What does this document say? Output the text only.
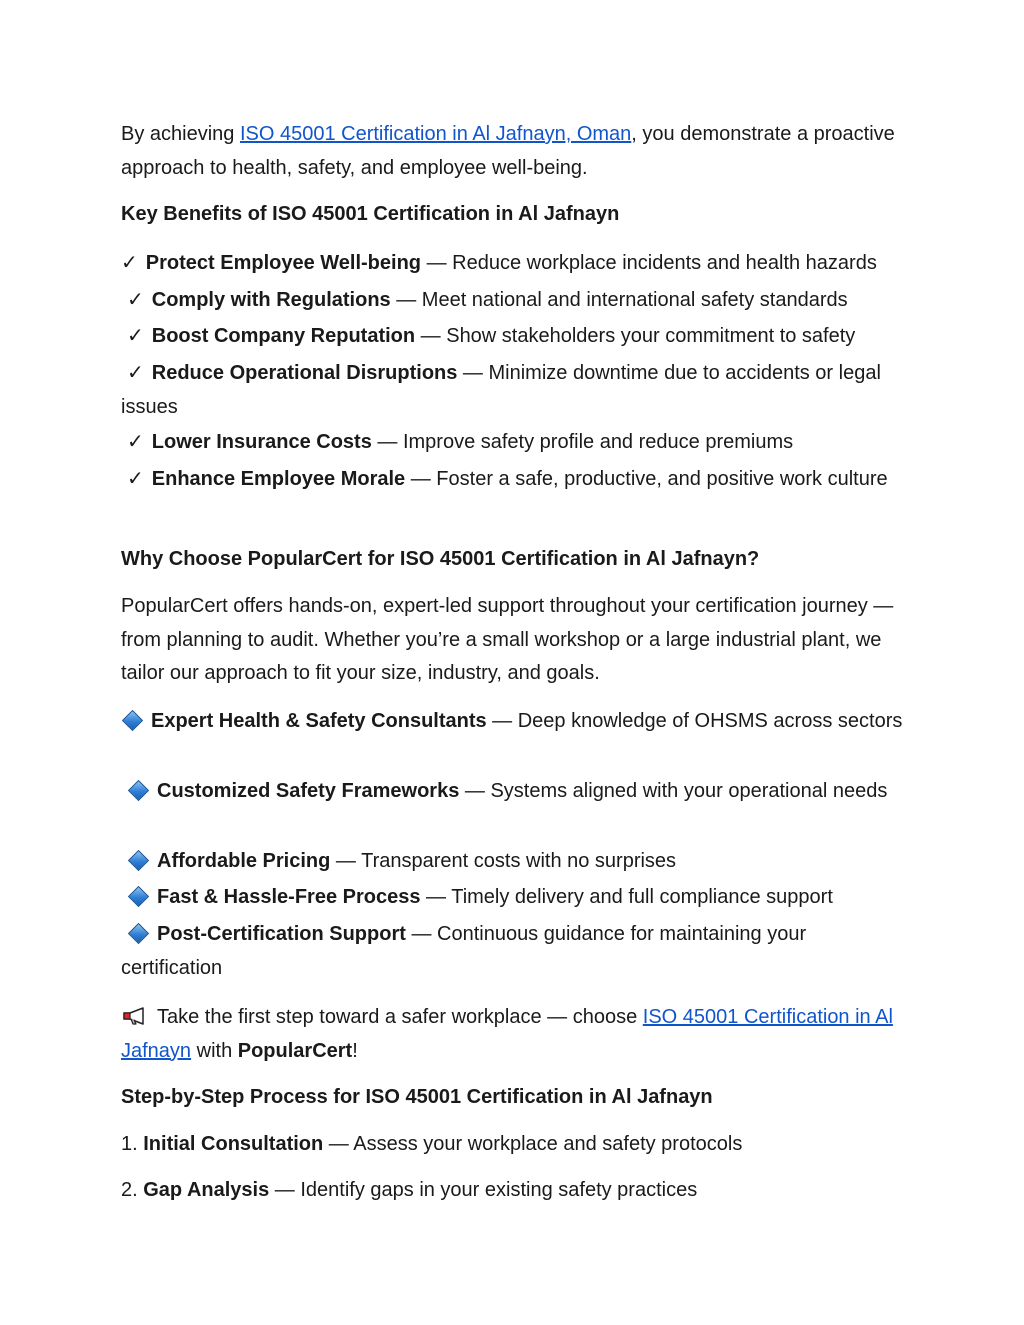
By achieving ISO 45001 Certification in Al Jafnayn, Oman, you demonstrate a proactive approach to health, safety, and employee well-being.

Key Benefits of ISO 45001 Certification in Al Jafnayn
✓ Protect Employee Well-being — Reduce workplace incidents and health hazards
✓ Comply with Regulations — Meet national and international safety standards
✓ Boost Company Reputation — Show stakeholders your commitment to safety
✓ Reduce Operational Disruptions — Minimize downtime due to accidents or legal issues
✓ Lower Insurance Costs — Improve safety profile and reduce premiums
✓ Enhance Employee Morale — Foster a safe, productive, and positive work culture
Why Choose PopularCert for ISO 45001 Certification in Al Jafnayn?
PopularCert offers hands-on, expert-led support throughout your certification journey — from planning to audit. Whether you’re a small workshop or a large industrial plant, we tailor our approach to fit your size, industry, and goals.
Expert Health & Safety Consultants — Deep knowledge of OHSMS across sectors
Customized Safety Frameworks — Systems aligned with your operational needs
Affordable Pricing — Transparent costs with no surprises
Fast & Hassle-Free Process — Timely delivery and full compliance support
Post-Certification Support — Continuous guidance for maintaining your certification
Take the first step toward a safer workplace — choose ISO 45001 Certification in Al Jafnayn with PopularCert!
Step-by-Step Process for ISO 45001 Certification in Al Jafnayn
1. Initial Consultation — Assess your workplace and safety protocols
2. Gap Analysis — Identify gaps in your existing safety practices
